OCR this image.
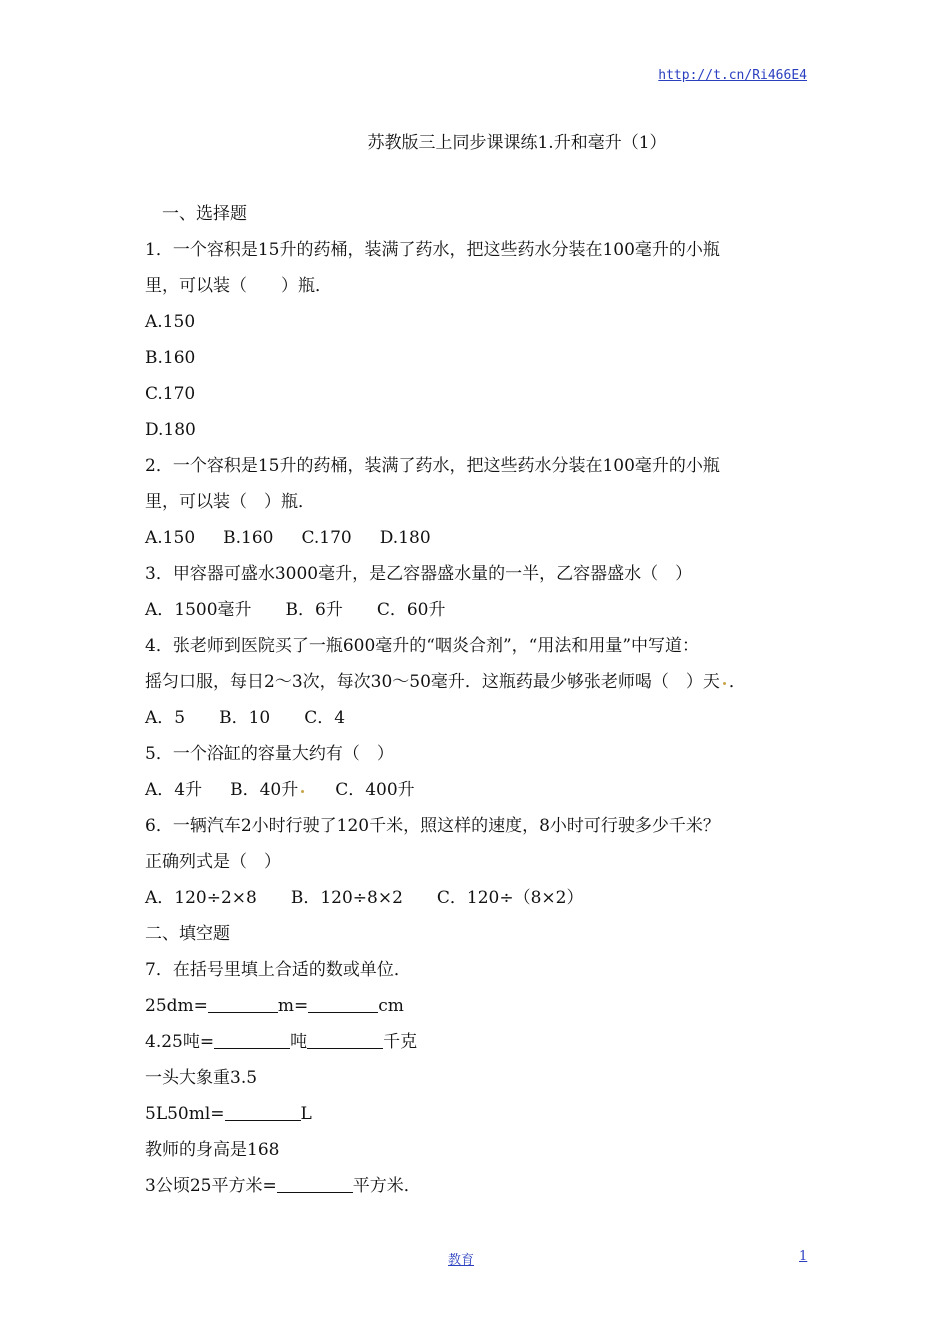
http://t.cn/Ri466E4
苏教版三上同步课课练1.升和毫升（1）
一、选择题
1．一个容积是15升的药桶，装满了药水，把这些药水分装在100毫升的小瓶
里，可以装（　　）瓶．
A.150
B.160
C.170
D.180
2．一个容积是15升的药桶，装满了药水，把这些药水分装在100毫升的小瓶
里，可以装（　）瓶．
A.150 B.160 C.170 D.180
3．甲容器可盛水3000毫升，是乙容器盛水量的一半，乙容器盛水（　）
A．1500毫升 B．6升 C．60升
4．张老师到医院买了一瓶600毫升的“咽炎合剂”，“用法和用量”中写道：
摇匀口服，每日2～3次，每次30～50毫升．这瓶药最少够张老师喝（　）天 ．
A．5 B．10 C．4
5．一个浴缸的容量大约有（　）
A．4升 B．40升 C．400升
6．一辆汽车2小时行驶了120千米，照这样的速度，8小时可行驶多少千米？
正确列式是（　）
A．120÷2×8 B．120÷8×2 C．120÷（8×2）
二、填空题
7．在括号里填上合适的数或单位．
25dm=	m=	cm
4.25吨=	吨	千克
一头大象重3.5
5L50ml=	L
教师的身高是168
3公顷25平方米=	平方米．
教育	1
